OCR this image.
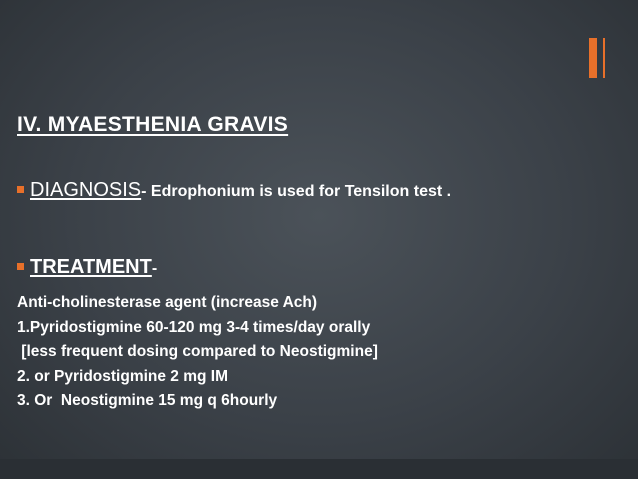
IV. MYAESTHENIA GRAVIS
DIAGNOSIS- Edrophonium is used for Tensilon test .
TREATMENT-
Anti-cholinesterase agent (increase Ach)
1.Pyridostigmine 60-120 mg 3-4 times/day orally
[less frequent dosing compared to Neostigmine]
2. or Pyridostigmine 2 mg IM
3. Or  Neostigmine 15 mg q 6hourly
